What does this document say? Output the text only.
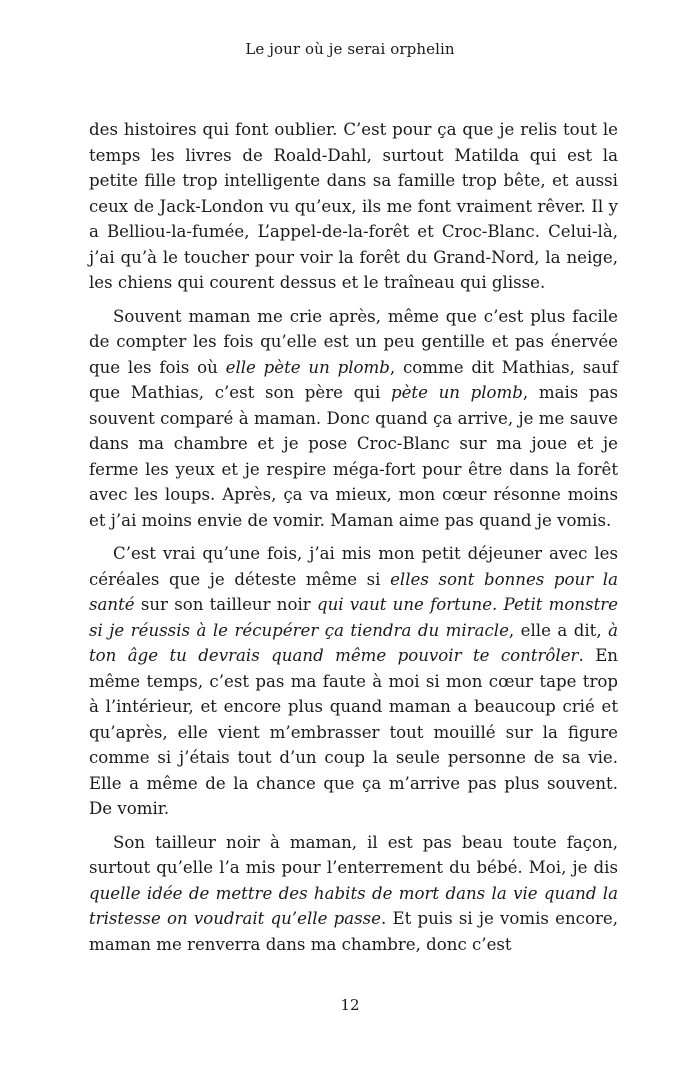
Le jour où je serai orphelin

des histoires qui font oublier. C’est pour ça que je relis tout le temps les livres de Roald-Dahl, surtout Matilda qui est la petite fille trop intelligente dans sa famille trop bête, et aussi ceux de Jack-London vu qu’eux, ils me font vraiment rêver. Il y a Belliou-la-fumée, L’appel-de-la-forêt et Croc-Blanc. Celui-là, j’ai qu’à le toucher pour voir la forêt du Grand-Nord, la neige, les chiens qui courent dessus et le traîneau qui glisse.

Souvent maman me crie après, même que c’est plus facile de compter les fois qu’elle est un peu gentille et pas énervée que les fois où elle pète un plomb, comme dit Mathias, sauf que Mathias, c’est son père qui pète un plomb, mais pas souvent comparé à maman. Donc quand ça arrive, je me sauve dans ma chambre et je pose Croc-Blanc sur ma joue et je ferme les yeux et je respire méga-fort pour être dans la forêt avec les loups. Après, ça va mieux, mon cœur résonne moins et j’ai moins envie de vomir. Maman aime pas quand je vomis.

C’est vrai qu’une fois, j’ai mis mon petit déjeuner avec les céréales que je déteste même si elles sont bonnes pour la santé sur son tailleur noir qui vaut une fortune. Petit monstre si je réussis à le récupérer ça tiendra du miracle, elle a dit, à ton âge tu devrais quand même pouvoir te contrôler. En même temps, c’est pas ma faute à moi si mon cœur tape trop à l’intérieur, et encore plus quand maman a beaucoup crié et qu’après, elle vient m’embrasser tout mouillé sur la figure comme si j’étais tout d’un coup la seule personne de sa vie. Elle a même de la chance que ça m’arrive pas plus souvent. De vomir.

Son tailleur noir à maman, il est pas beau toute façon, surtout qu’elle l’a mis pour l’enterrement du bébé. Moi, je dis quelle idée de mettre des habits de mort dans la vie quand la tristesse on voudrait qu’elle passe. Et puis si je vomis encore, maman me renverra dans ma chambre, donc c’est

12
